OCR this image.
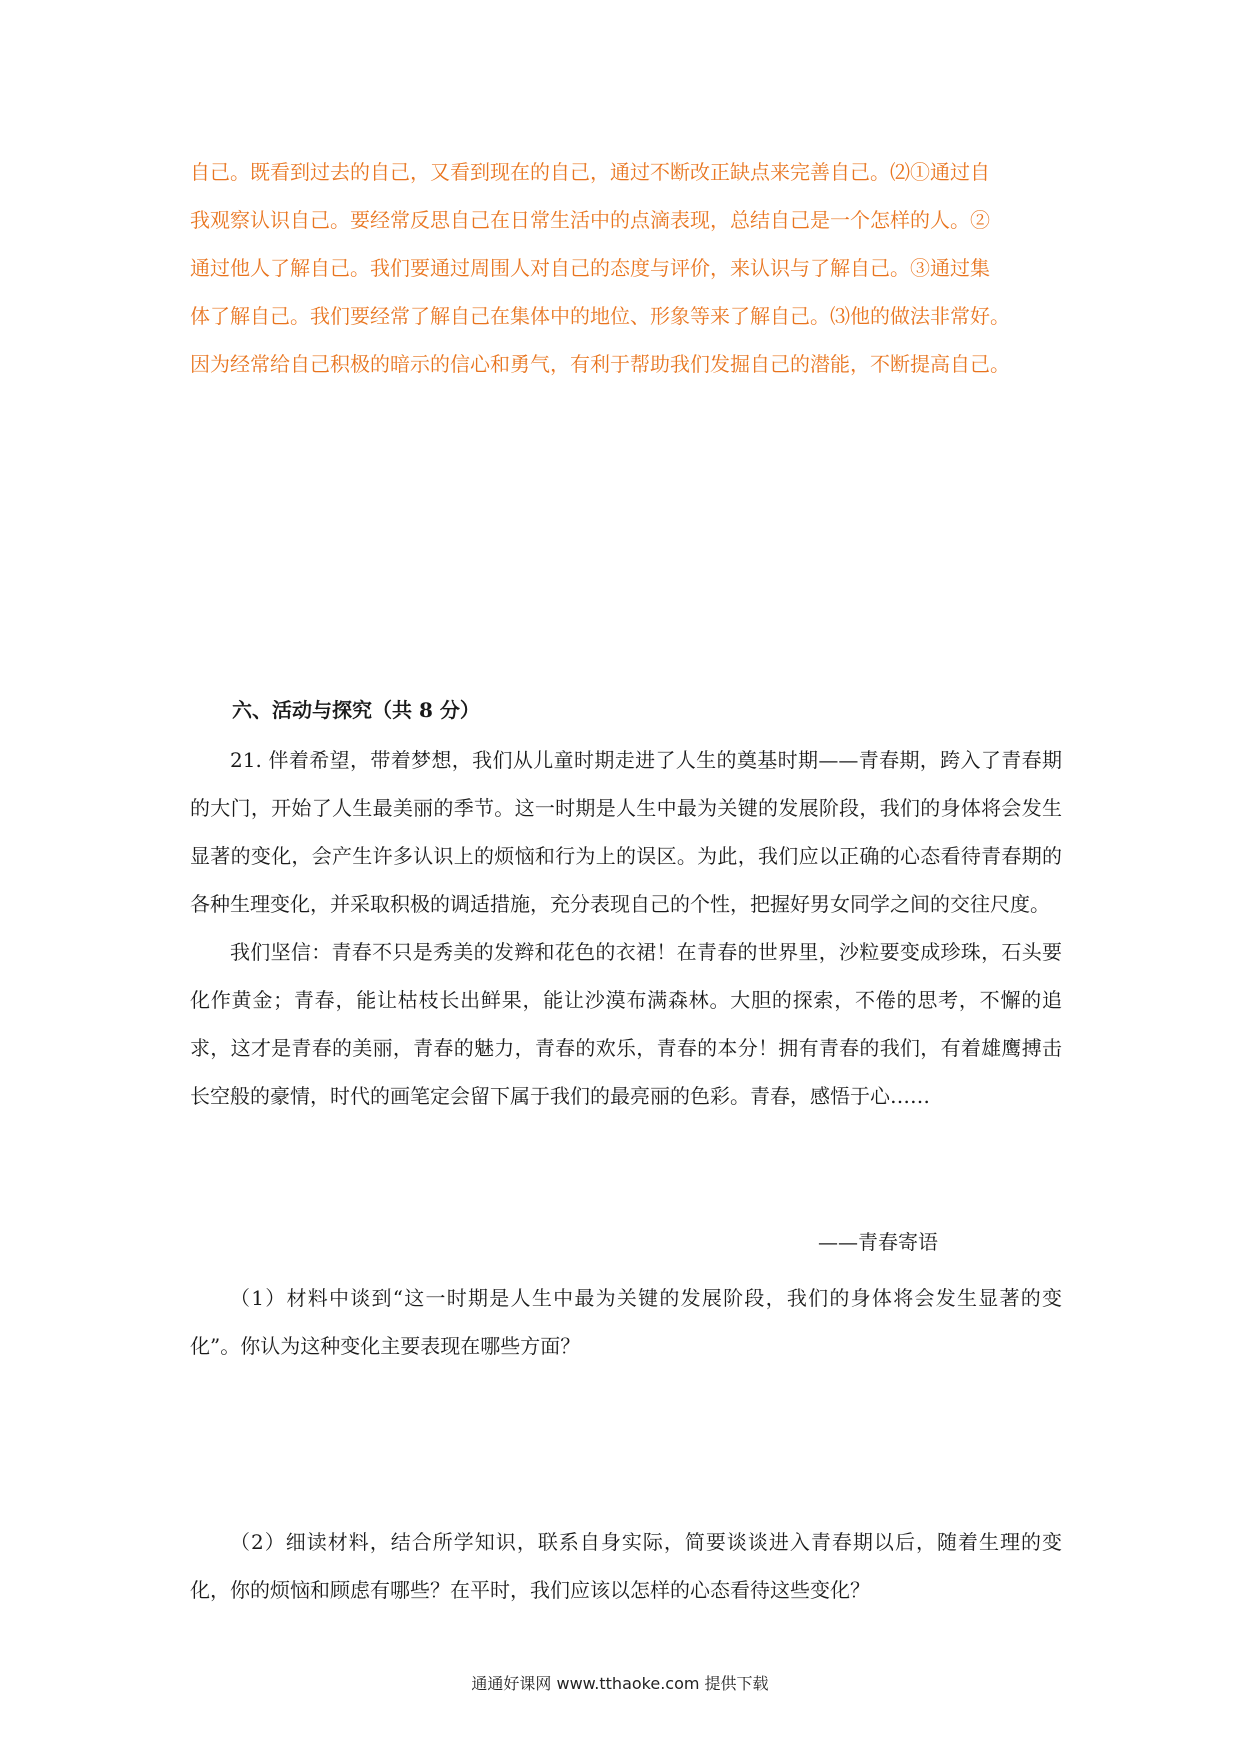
自己。既看到过去的自己，又看到现在的自己，通过不断改正缺点来完善自己。⑵①通过自
我观察认识自己。要经常反思自己在日常生活中的点滴表现，总结自己是一个怎样的人。②
通过他人了解自己。我们要通过周围人对自己的态度与评价，来认识与了解自己。③通过集
体了解自己。我们要经常了解自己在集体中的地位、形象等来了解自己。⑶他的做法非常好。
因为经常给自己积极的暗示的信心和勇气，有利于帮助我们发掘自己的潜能，不断提高自己。
六、活动与探究（共 8 分）

21. 伴着希望，带着梦想，我们从儿童时期走进了人生的奠基时期——青春期，跨入了青春期的大门，开始了人生最美丽的季节。这一时期是人生中最为关键的发展阶段，我们的身体将会发生显著的变化，会产生许多认识上的烦恼和行为上的误区。为此，我们应以正确的心态看待青春期的各种生理变化，并采取积极的调适措施，充分表现自己的个性，把握好男女同学之间的交往尺度。

我们坚信：青春不只是秀美的发辫和花色的衣裙！在青春的世界里，沙粒要变成珍珠，石头要化作黄金；青春，能让枯枝长出鲜果，能让沙漠布满森林。大胆的探索，不倦的思考，不懈的追求，这才是青春的美丽，青春的魅力，青春的欢乐，青春的本分！拥有青春的我们，有着雄鹰搏击长空般的豪情，时代的画笔定会留下属于我们的最亮丽的色彩。青春，感悟于心……

——青春寄语

（1）材料中谈到“这一时期是人生中最为关键的发展阶段，我们的身体将会发生显著的变化”。你认为这种变化主要表现在哪些方面？

（2）细读材料，结合所学知识，联系自身实际，简要谈谈进入青春期以后，随着生理的变化，你的烦恼和顾虑有哪些？在平时，我们应该以怎样的心态看待这些变化？

通通好课网 www.tthaoke.com 提供下载
